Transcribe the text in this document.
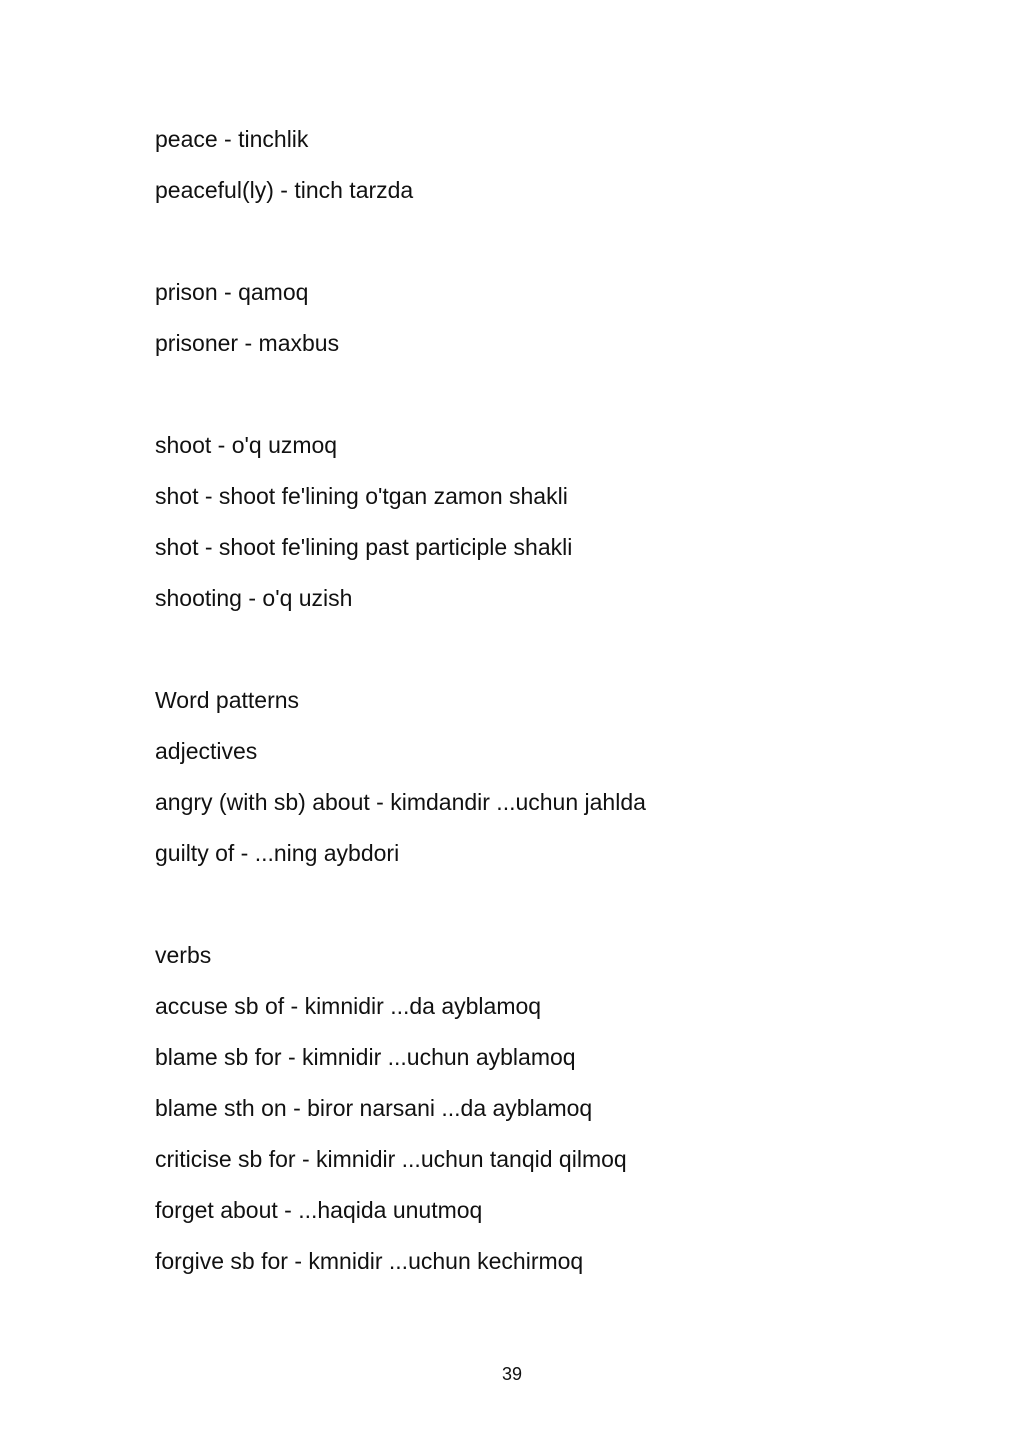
peace - tinchlik
peaceful(ly) - tinch tarzda
prison - qamoq
prisoner - maxbus
shoot - o'q uzmoq
shot - shoot fe'lining o'tgan zamon shakli
shot - shoot fe'lining past participle shakli
shooting - o'q uzish
Word patterns
adjectives
angry (with sb) about - kimdandir ...uchun jahlda
guilty of - ...ning aybdori
verbs
accuse sb of - kimnidir ...da ayblamoq
blame sb for - kimnidir ...uchun ayblamoq
blame sth on - biror narsani ...da ayblamoq
criticise sb for - kimnidir ...uchun tanqid qilmoq
forget about - ...haqida unutmoq
forgive sb for - kmnidir ...uchun kechirmoq
39
